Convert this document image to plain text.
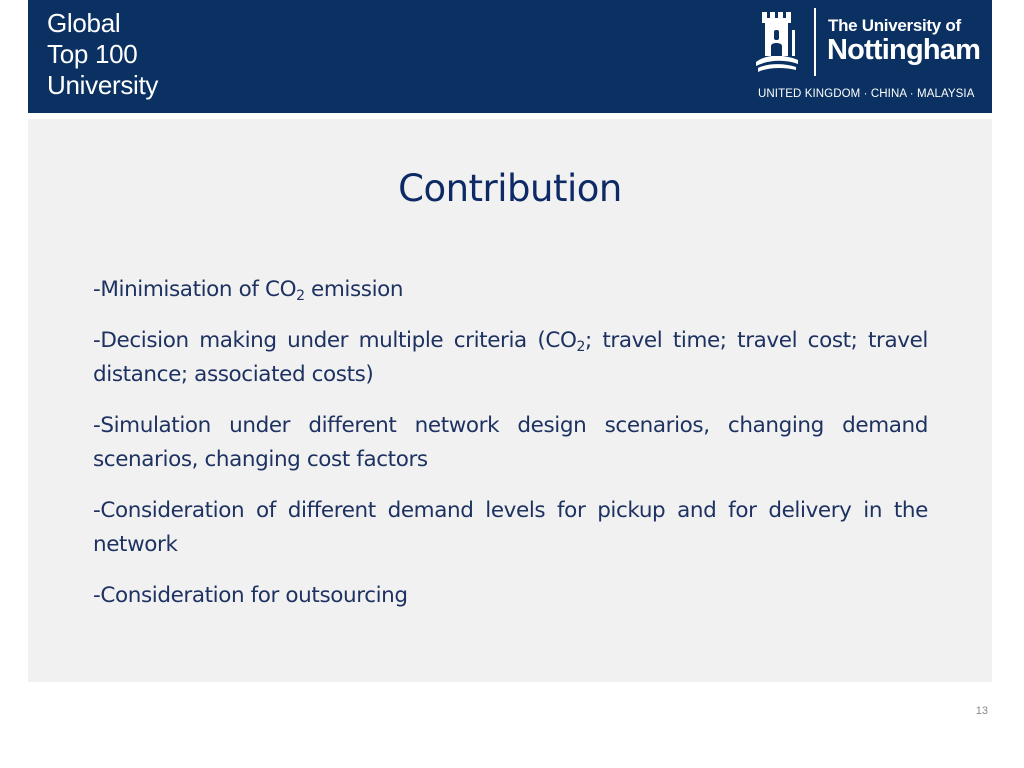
Global
Top 100
University
The University of
Nottingham
UNITED KINGDOM · CHINA · MALAYSIA
Contribution
-Minimisation of $CO_2$ emission
-Decision making under multiple criteria ($CO_2$; travel time; travel cost; travel distance; associated costs)
-Simulation under different network design scenarios, changing demand scenarios, changing cost factors
-Consideration of different demand levels for pickup and for delivery in the network
-Consideration for outsourcing
13
